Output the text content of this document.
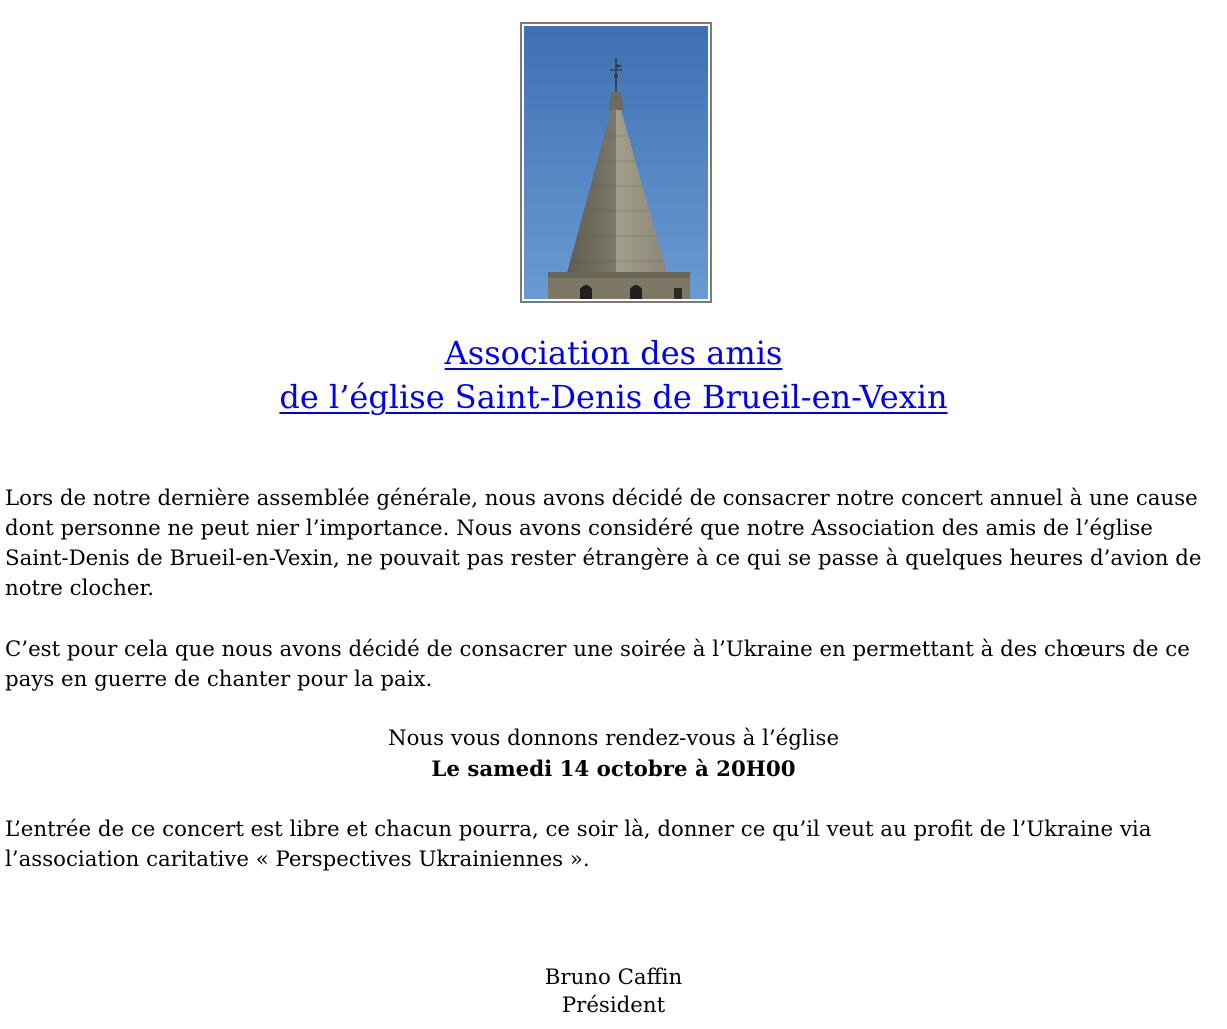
Association des amis
de l’église Saint-Denis de Brueil-en-Vexin

Lors de notre dernière assemblée générale, nous avons décidé de consacrer notre concert annuel à une cause dont personne ne peut nier l’importance. Nous avons considéré que notre Association des amis de l’église Saint-Denis de Brueil-en-Vexin, ne pouvait pas rester étrangère à ce qui se passe à quelques heures d’avion de notre clocher.

C’est pour cela que nous avons décidé de consacrer une soirée à l’Ukraine en permettant à des chœurs de ce pays en guerre de chanter pour la paix.

Nous vous donnons rendez-vous à l’église
Le samedi 14 octobre à 20H00

L’entrée de ce concert est libre et chacun pourra, ce soir là, donner ce qu’il veut au profit de l’Ukraine via l’association caritative « Perspectives Ukrainiennes ».

Bruno Caffin
Président
